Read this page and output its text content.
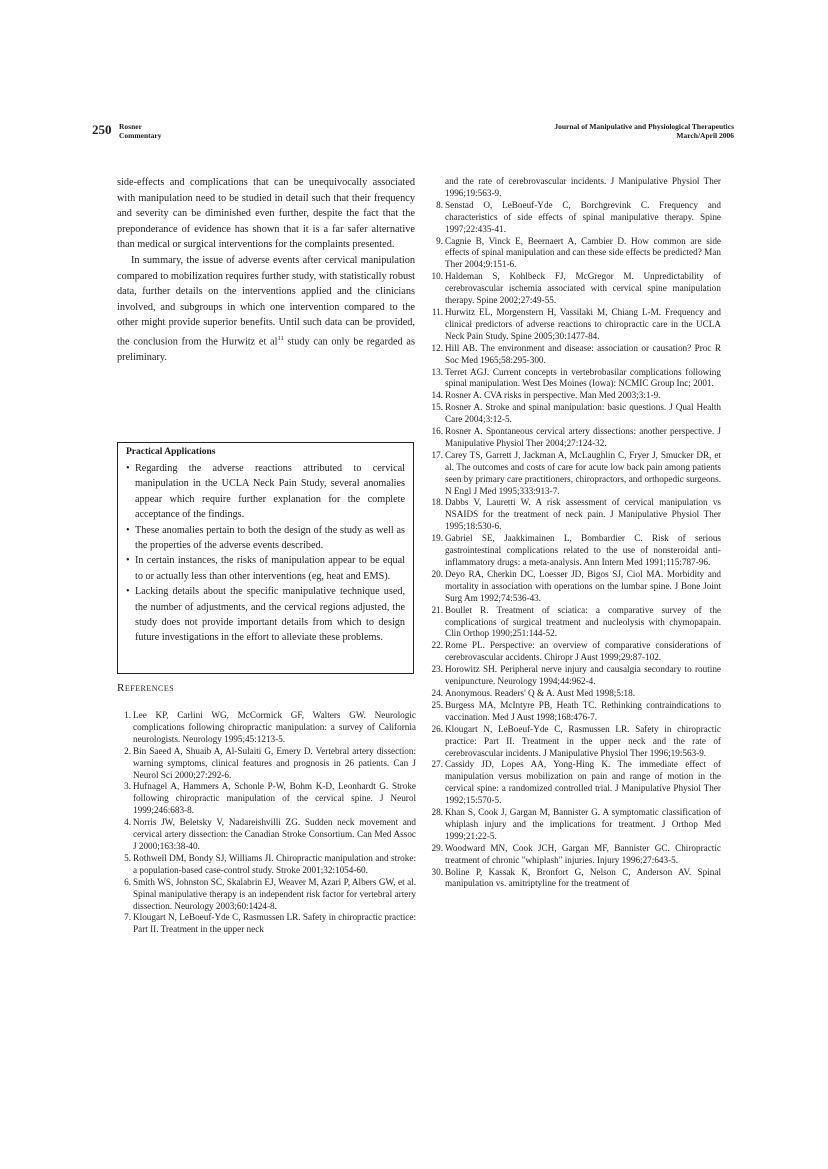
250 Rosner
Commentary
Journal of Manipulative and Physiological Therapeutics
March/April 2006

side-effects and complications that can be unequivocally associated with manipulation need to be studied in detail such that their frequency and severity can be diminished even further, despite the fact that the preponderance of evidence has shown that it is a far safer alternative than medical or surgical interventions for the complaints presented.

In summary, the issue of adverse events after cervical manipulation compared to mobilization requires further study, with statistically robust data, further details on the interventions applied and the clinicians involved, and subgroups in which one intervention compared to the other might provide superior benefits. Until such data can be provided, the conclusion from the Hurwitz et $al^{11}$ study can only be regarded as preliminary.

Practical Applications
• Regarding the adverse reactions attributed to cervical manipulation in the UCLA Neck Pain Study, several anomalies appear which require further explanation for the complete acceptance of the findings.
• These anomalies pertain to both the design of the study as well as the properties of the adverse events described.
• In certain instances, the risks of manipulation appear to be equal to or actually less than other interventions (eg, heat and EMS).
• Lacking details about the specific manipulative technique used, the number of adjustments, and the cervical regions adjusted, the study does not provide important details from which to design future investigations in the effort to alleviate these problems.
References
1. Lee KP, Carlini WG, McCormick GF, Walters GW. Neurologic complications following chiropractic manipulation: a survey of California neurologists. Neurology 1995;45:1213-5.
2. Bin Saeed A, Shuaib A, Al-Sulaiti G, Emery D. Vertebral artery dissection: warning symptoms, clinical features and prognosis in 26 patients. Can J Neurol Sci 2000;27:292-6.
3. Hufnagel A, Hammers A, Schonle P-W, Bohm K-D, Leonhardt G. Stroke following chiropractic manipulation of the cervical spine. J Neurol 1999;246:683-8.
4. Norris JW, Beletsky V, Nadareishvilli ZG. Sudden neck movement and cervical artery dissection: the Canadian Stroke Consortium. Can Med Assoc J 2000;163:38-40.
5. Rothwell DM, Bondy SJ, Williams JI. Chiropractic manipulation and stroke: a population-based case-control study. Stroke 2001;32:1054-60.
6. Smith WS, Johnston SC, Skalabrin EJ, Weaver M, Azari P, Albers GW, et al. Spinal manipulative therapy is an independent risk factor for vertebral artery dissection. Neurology 2003;60:1424-8.
7. Klougart N, LeBoeuf-Yde C, Rasmussen LR. Safety in chiropractic practice: Part II. Treatment in the upper neck

and the rate of cerebrovascular incidents. J Manipulative Physiol Ther 1996;19:563-9.

8. Senstad O, LeBoeuf-Yde C, Borchgrevink C. Frequency and characteristics of side effects of spinal manipulative therapy. Spine 1997;22:435-41.
9. Cagnie B, Vinck E, Beernaert A, Cambier D. How common are side effects of spinal manipulation and can these side effects be predicted? Man Ther 2004;9:151-6.
10. Haldeman S, Kohlbeck FJ, McGregor M. Unpredictability of cerebrovascular ischemia associated with cervical spine manipulation therapy. Spine 2002;27:49-55.
11. Hurwitz EL, Morgenstern H, Vassilaki M, Chiang L-M. Frequency and clinical predictors of adverse reactions to chiropractic care in the UCLA Neck Pain Study. Spine 2005;30:1477-84.
12. Hill AB. The environment and disease: association or causation? Proc R Soc Med 1965;58:295-300.
13. Terret AGJ. Current concepts in vertebrobasilar complications following spinal manipulation. West Des Moines (Iowa): NCMIC Group Inc; 2001.
14. Rosner A. CVA risks in perspective. Man Med 2003;3:1-9.
15. Rosner A. Stroke and spinal manipulation: basic questions. J Qual Health Care 2004;3:12-5.
16. Rosner A. Spontaneous cervical artery dissections: another perspective. J Manipulative Physiol Ther 2004;27:124-32.
17. Carey TS, Garrett J, Jackman A, McLaughlin C, Fryer J, Smucker DR, et al. The outcomes and costs of care for acute low back pain among patients seen by primary care practitioners, chiropractors, and orthopedic surgeons. N Engl J Med 1995;333:913-7.
18. Dabbs V, Lauretti W. A risk assessment of cervical manipulation vs NSAIDS for the treatment of neck pain. J Manipulative Physiol Ther 1995;18:530-6.
19. Gabriel SE, Jaakkimainen L, Bombardier C. Risk of serious gastrointestinal complications related to the use of nonsteroidal anti-inflammatory drugs: a meta-analysis. Ann Intern Med 1991;115:787-96.
20. Deyo RA, Cherkin DC, Loesser JD, Bigos SJ, Ciol MA. Morbidity and mortality in association with operations on the lumbar spine. J Bone Joint Surg Am 1992;74:536-43.
21. Boullet R. Treatment of sciatica: a comparative survey of the complications of surgical treatment and nucleolysis with chymopapain. Clin Orthop 1990;251:144-52.
22. Rome PL. Perspective: an overview of comparative considerations of cerebrovascular accidents. Chiropr J Aust 1999;29:87-102.
23. Horowitz SH. Peripheral nerve injury and causalgia secondary to routine venipuncture. Neurology 1994;44:962-4.
24. Anonymous. Readers' Q & A. Aust Med 1998;5:18.
25. Burgess MA, McIntyre PB, Heath TC. Rethinking contraindications to vaccination. Med J Aust 1998;168:476-7.
26. Klougart N, LeBoeuf-Yde C, Rasmussen LR. Safety in chiropractic practice: Part II. Treatment in the upper neck and the rate of cerebrovascular incidents. J Manipulative Physiol Ther 1996;19:563-9.
27. Cassidy JD, Lopes AA, Yong-Hing K. The immediate effect of manipulation versus mobilization on pain and range of motion in the cervical spine: a randomized controlled trial. J Manipulative Physiol Ther 1992;15:570-5.
28. Khan S, Cook J, Gargan M, Bannister G. A symptomatic classification of whiplash injury and the implications for treatment. J Orthop Med 1999;21:22-5.
29. Woodward MN, Cook JCH, Gargan MF, Bannister GC. Chiropractic treatment of chronic "whiplash" injuries. Injury 1996;27:643-5.
30. Boline P, Kassak K, Bronfort G, Nelson C, Anderson AV. Spinal manipulation vs. amitriptyline for the treatment of
